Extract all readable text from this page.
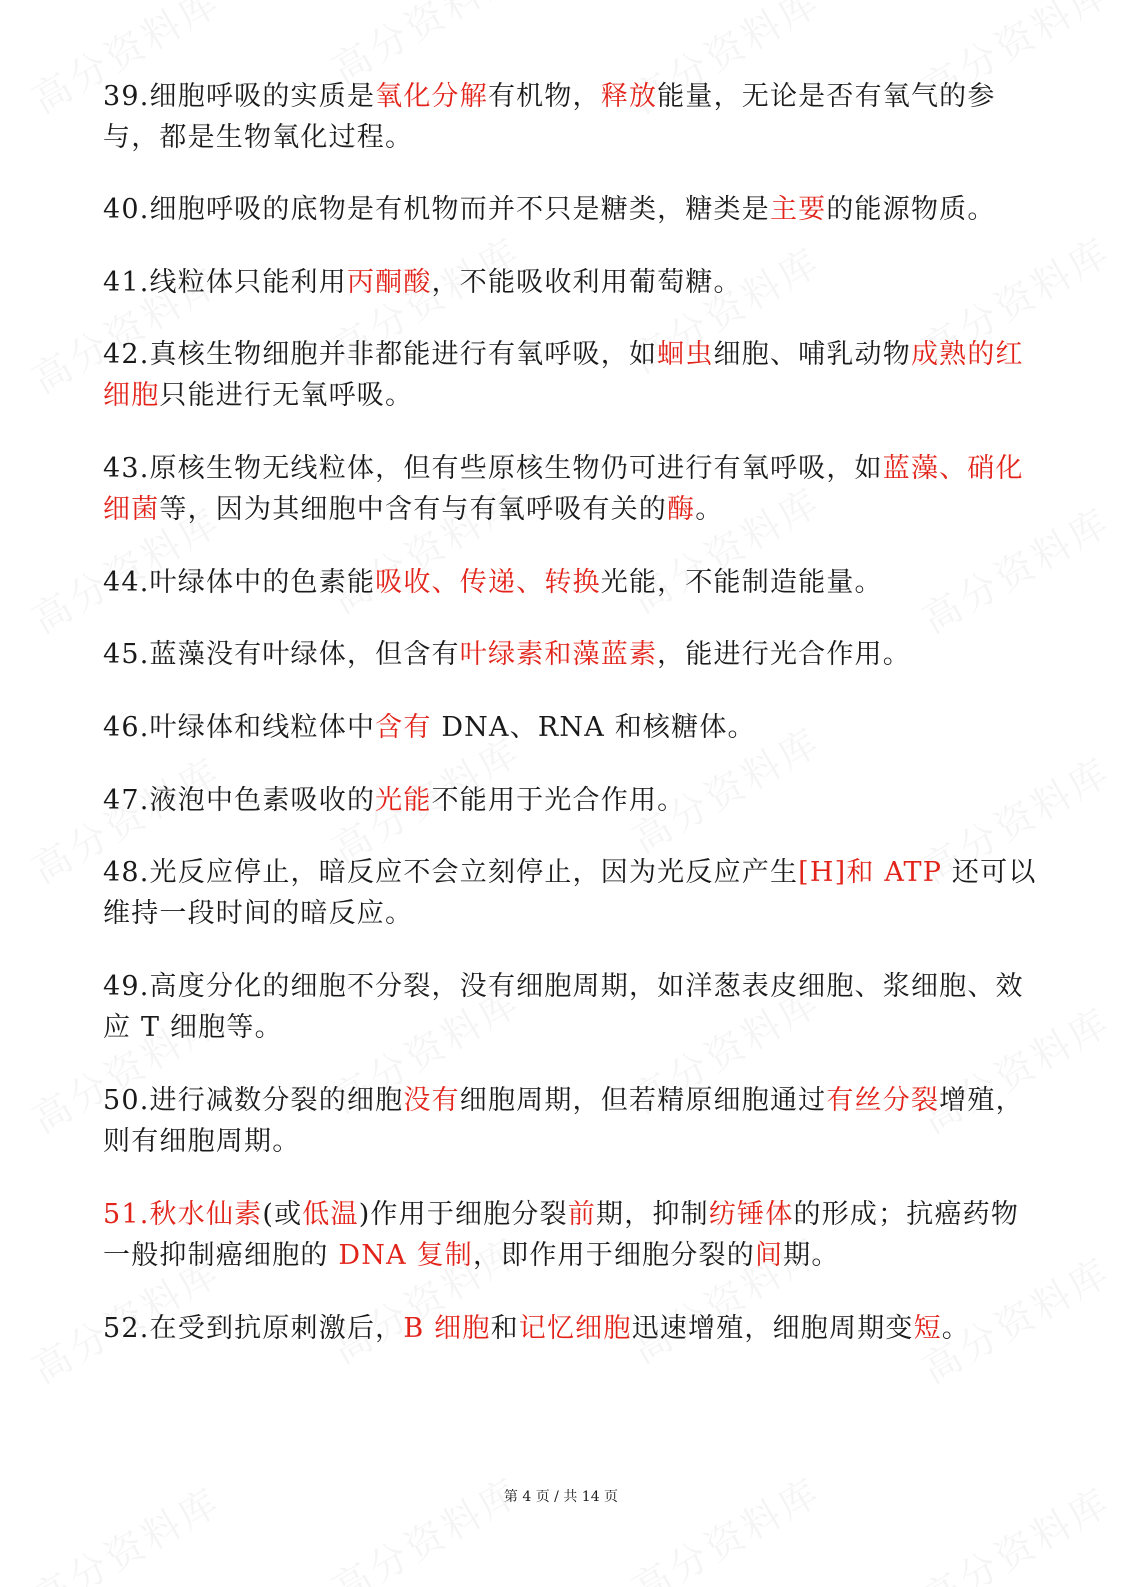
39.细胞呼吸的实质是氧化分解有机物，释放能量，无论是否有氧气的参与，都是生物氧化过程。

40.细胞呼吸的底物是有机物而并不只是糖类，糖类是主要的能源物质。

41.线粒体只能利用丙酮酸，不能吸收利用葡萄糖。

42.真核生物细胞并非都能进行有氧呼吸，如蛔虫细胞、哺乳动物成熟的红细胞只能进行无氧呼吸。

43.原核生物无线粒体，但有些原核生物仍可进行有氧呼吸，如蓝藻、硝化细菌等，因为其细胞中含有与有氧呼吸有关的酶。

44.叶绿体中的色素能吸收、传递、转换光能，不能制造能量。

45.蓝藻没有叶绿体，但含有叶绿素和藻蓝素，能进行光合作用。

46.叶绿体和线粒体中含有 DNA、RNA 和核糖体。

47.液泡中色素吸收的光能不能用于光合作用。

48.光反应停止，暗反应不会立刻停止，因为光反应产生[H]和 ATP 还可以维持一段时间的暗反应。

49.高度分化的细胞不分裂，没有细胞周期，如洋葱表皮细胞、浆细胞、效应 T 细胞等。

50.进行减数分裂的细胞没有细胞周期，但若精原细胞通过有丝分裂增殖，则有细胞周期。

51.秋水仙素(或低温)作用于细胞分裂前期，抑制纺锤体的形成；抗癌药物一般抑制癌细胞的 DNA 复制，即作用于细胞分裂的间期。

52.在受到抗原刺激后，B 细胞和记忆细胞迅速增殖，细胞周期变短。

第 4 页 / 共 14 页
